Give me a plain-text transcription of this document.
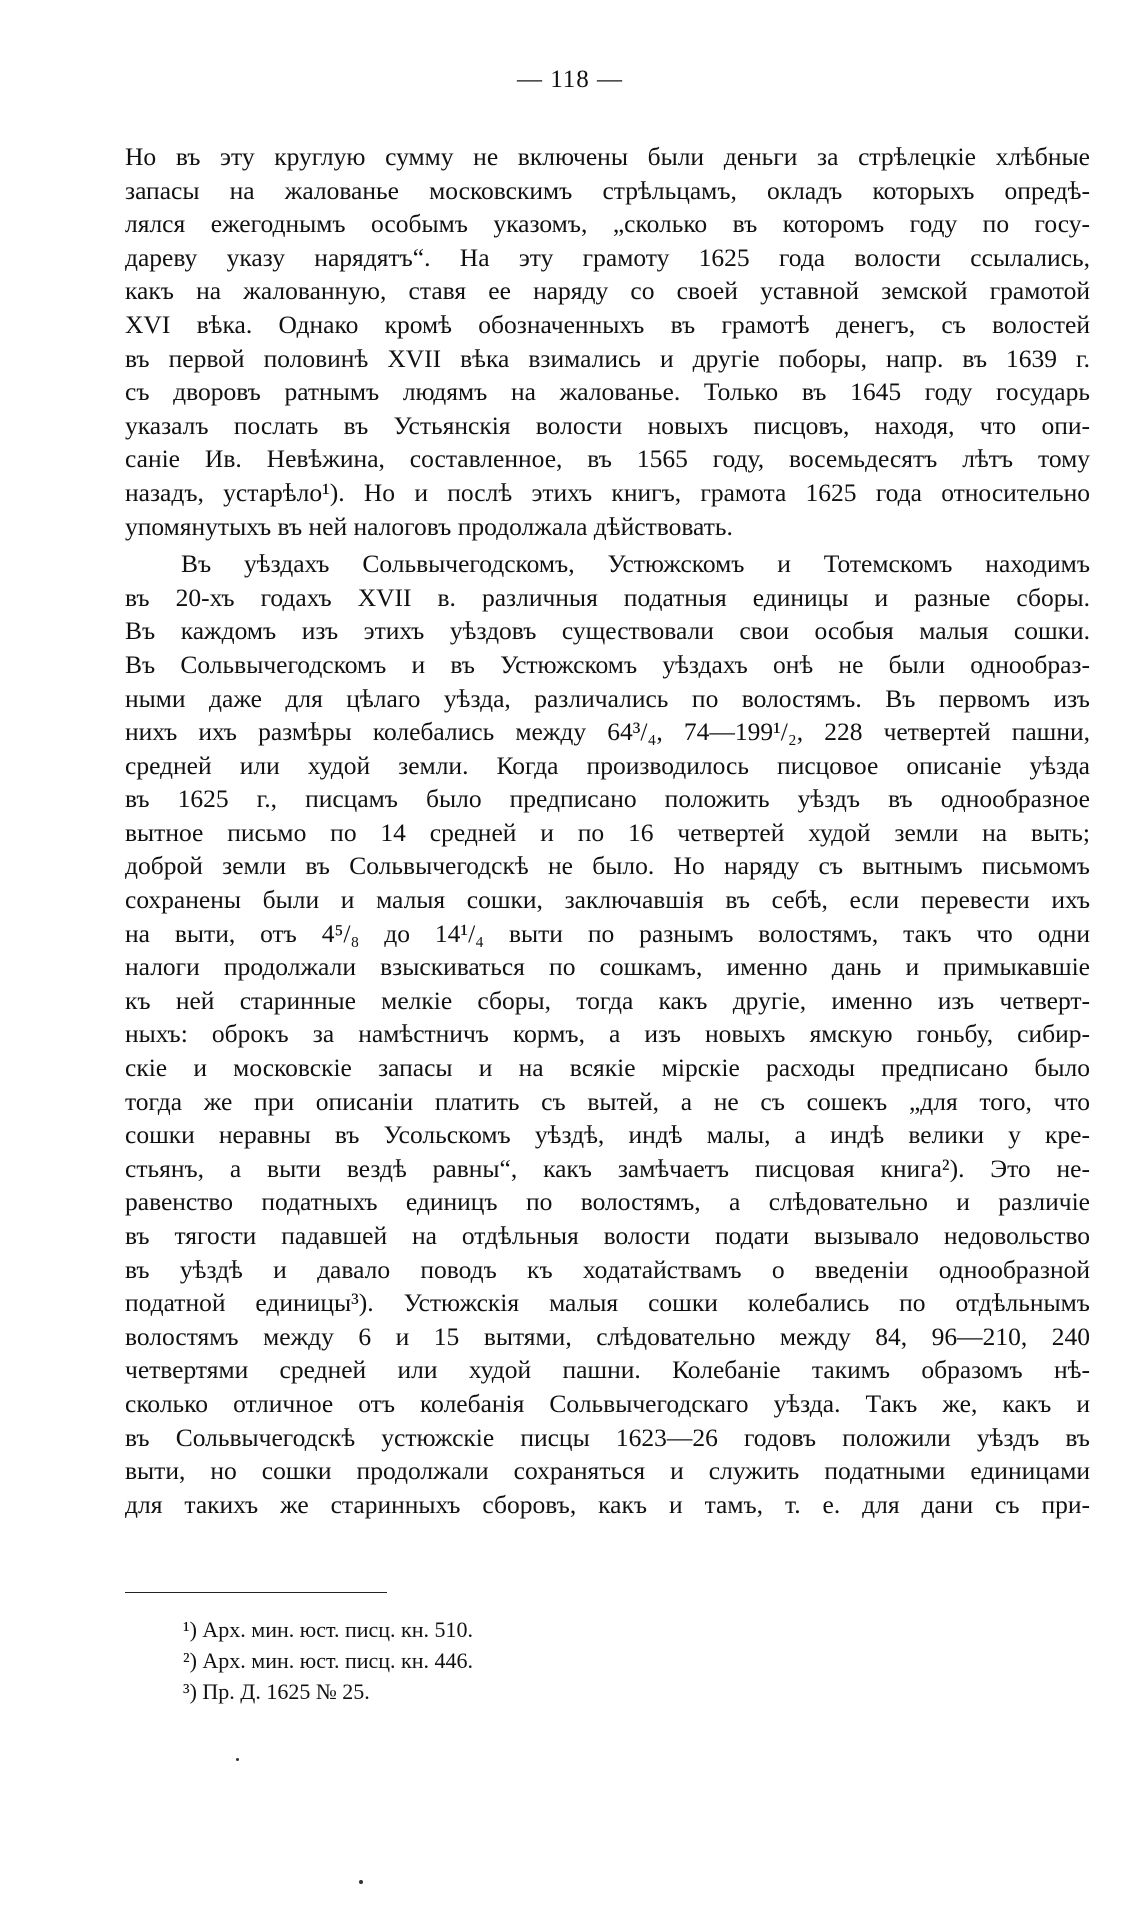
— 118 —
Но въ эту круглую сумму не включены были деньги за стрѣлецкіе хлѣбные
запасы на жалованье московскимъ стрѣльцамъ, окладъ которыхъ опредѣ-
лялся ежегоднымъ особымъ указомъ, „сколько въ которомъ году по госу-
дареву указу нарядятъ“. На эту грамоту 1625 года волости ссылались,
какъ на жалованную, ставя ее наряду со своей уставной земской грамотой
XVI вѣка. Однако кромѣ обозначенныхъ въ грамотѣ денегъ, съ волостей
въ первой половинѣ XVII вѣка взимались и другіе поборы, напр. въ 1639 г.
съ дворовъ ратнымъ людямъ на жалованье. Только въ 1645 году государь
указалъ послать въ Устьянскія волости новыхъ писцовъ, находя, что опи-
саніе Ив. Невѣжина, составленное, въ 1565 году, восемьдесятъ лѣтъ тому
назадъ, устарѣло¹). Но и послѣ этихъ книгъ, грамота 1625 года относительно
упомянутыхъ въ ней налоговъ продолжала дѣйствовать.
Въ уѣздахъ Сольвычегодскомъ, Устюжскомъ и Тотемскомъ находимъ
въ 20-хъ годахъ XVII в. различныя податныя единицы и разные сборы.
Въ каждомъ изъ этихъ уѣздовъ существовали свои особыя малыя сошки.
Въ Сольвычегодскомъ и въ Устюжскомъ уѣздахъ онѣ не были однообраз-
ными даже для цѣлаго уѣзда, различались по волостямъ. Въ первомъ изъ
нихъ ихъ размѣры колебались между 64³/₄, 74—199¹/₂, 228 четвертей пашни,
средней или худой земли. Когда производилось писцовое описаніе уѣзда
въ 1625 г., писцамъ было предписано положить уѣздъ въ однообразное
вытное письмо по 14 средней и по 16 четвертей худой земли на выть;
доброй земли въ Сольвычегодскѣ не было. Но наряду съ вытнымъ письмомъ
сохранены были и малыя сошки, заключавшія въ себѣ, если перевести ихъ
на выти, отъ 4⁵/₈ до 14¹/₄ выти по разнымъ волостямъ, такъ что одни
налоги продолжали взыскиваться по сошкамъ, именно дань и примыкавшіе
къ ней старинные мелкіе сборы, тогда какъ другіе, именно изъ четверт-
ныхъ: оброкъ за намѣстничъ кормъ, а изъ новыхъ ямскую гоньбу, сибир-
скіе и московскіе запасы и на всякіе мірскіе расходы предписано было
тогда же при описаніи платить съ вытей, а не съ сошекъ „для того, что
сошки неравны въ Усольскомъ уѣздѣ, индѣ малы, а индѣ велики у кре-
стьянъ, а выти вездѣ равны“, какъ замѣчаетъ писцовая книга²). Это не-
равенство податныхъ единицъ по волостямъ, а слѣдовательно и различіе
въ тягости падавшей на отдѣльныя волости подати вызывало недовольство
въ уѣздѣ и давало поводъ къ ходатайствамъ о введеніи однообразной
податной единицы³). Устюжскія малыя сошки колебались по отдѣльнымъ
волостямъ между 6 и 15 вытями, слѣдовательно между 84, 96—210, 240
четвертями средней или худой пашни. Колебаніе такимъ образомъ нѣ-
сколько отличное отъ колебанія Сольвычегодскаго уѣзда. Такъ же, какъ и
въ Сольвычегодскѣ устюжскіе писцы 1623—26 годовъ положили уѣздъ въ
выти, но сошки продолжали сохраняться и служить податными единицами
для такихъ же старинныхъ сборовъ, какъ и тамъ, т. е. для дани съ при-
¹) Арх. мин. юст. писц. кн. 510.
²) Арх. мин. юст. писц. кн. 446.
³) Пр. Д. 1625 № 25.
